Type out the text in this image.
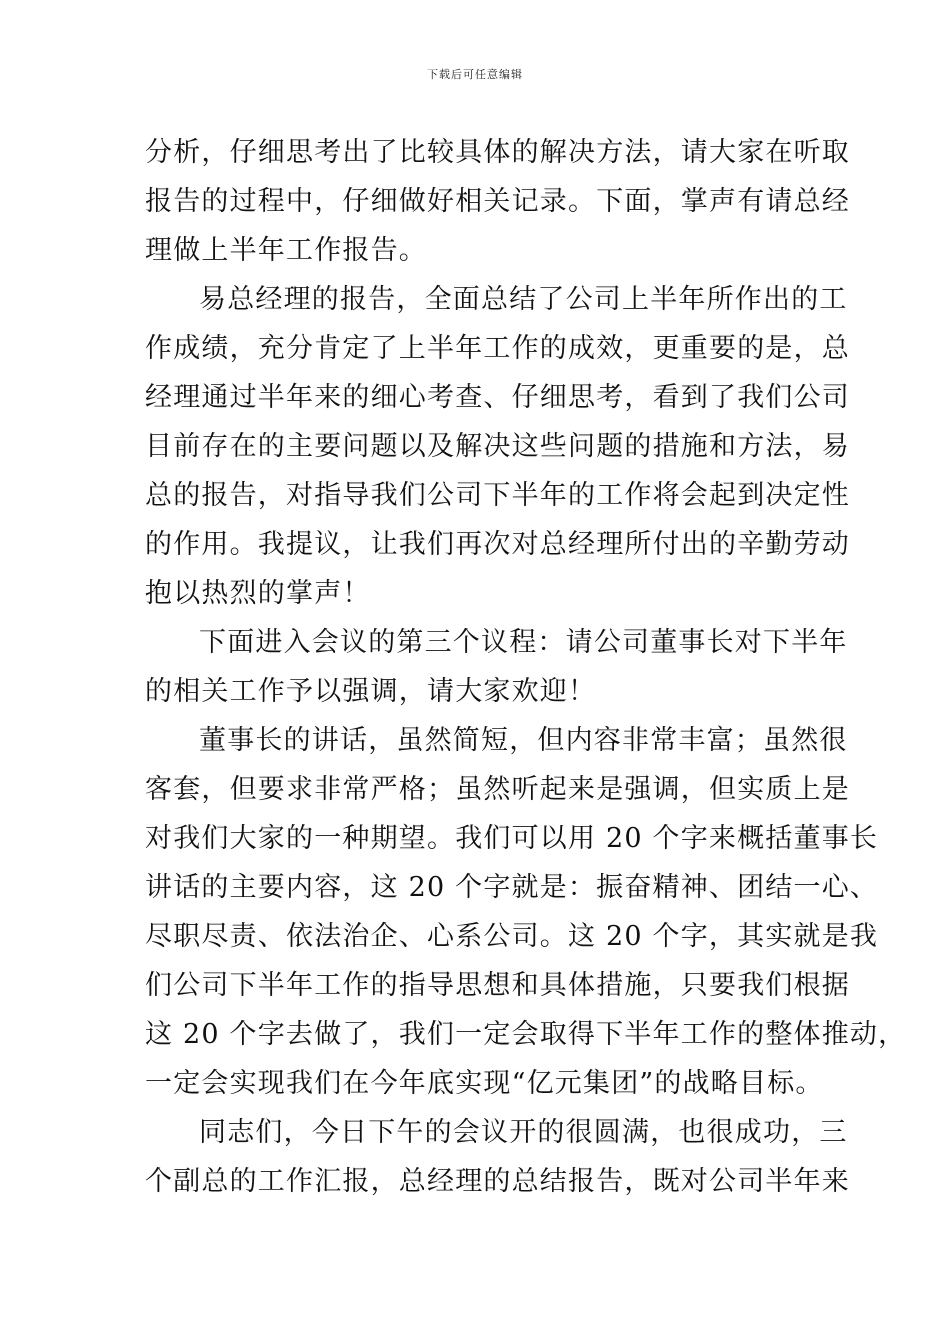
下载后可任意编辑
分析，仔细思考出了比较具体的解决方法，请大家在听取
报告的过程中，仔细做好相关记录。下面，掌声有请总经
理做上半年工作报告。
易总经理的报告，全面总结了公司上半年所作出的工
作成绩，充分肯定了上半年工作的成效，更重要的是，总
经理通过半年来的细心考查、仔细思考，看到了我们公司
目前存在的主要问题以及解决这些问题的措施和方法，易
总的报告，对指导我们公司下半年的工作将会起到决定性
的作用。我提议，让我们再次对总经理所付出的辛勤劳动
抱以热烈的掌声！
下面进入会议的第三个议程：请公司董事长对下半年
的相关工作予以强调，请大家欢迎！
董事长的讲话，虽然简短，但内容非常丰富；虽然很
客套，但要求非常严格；虽然听起来是强调，但实质上是
对我们大家的一种期望。我们可以用 20 个字来概括董事长
讲话的主要内容，这 20 个字就是：振奋精神、团结一心、
尽职尽责、依法治企、心系公司。这 20 个字，其实就是我
们公司下半年工作的指导思想和具体措施，只要我们根据
这 20 个字去做了，我们一定会取得下半年工作的整体推动，
一定会实现我们在今年底实现“亿元集团”的战略目标。
同志们，今日下午的会议开的很圆满，也很成功，三
个副总的工作汇报，总经理的总结报告，既对公司半年来
